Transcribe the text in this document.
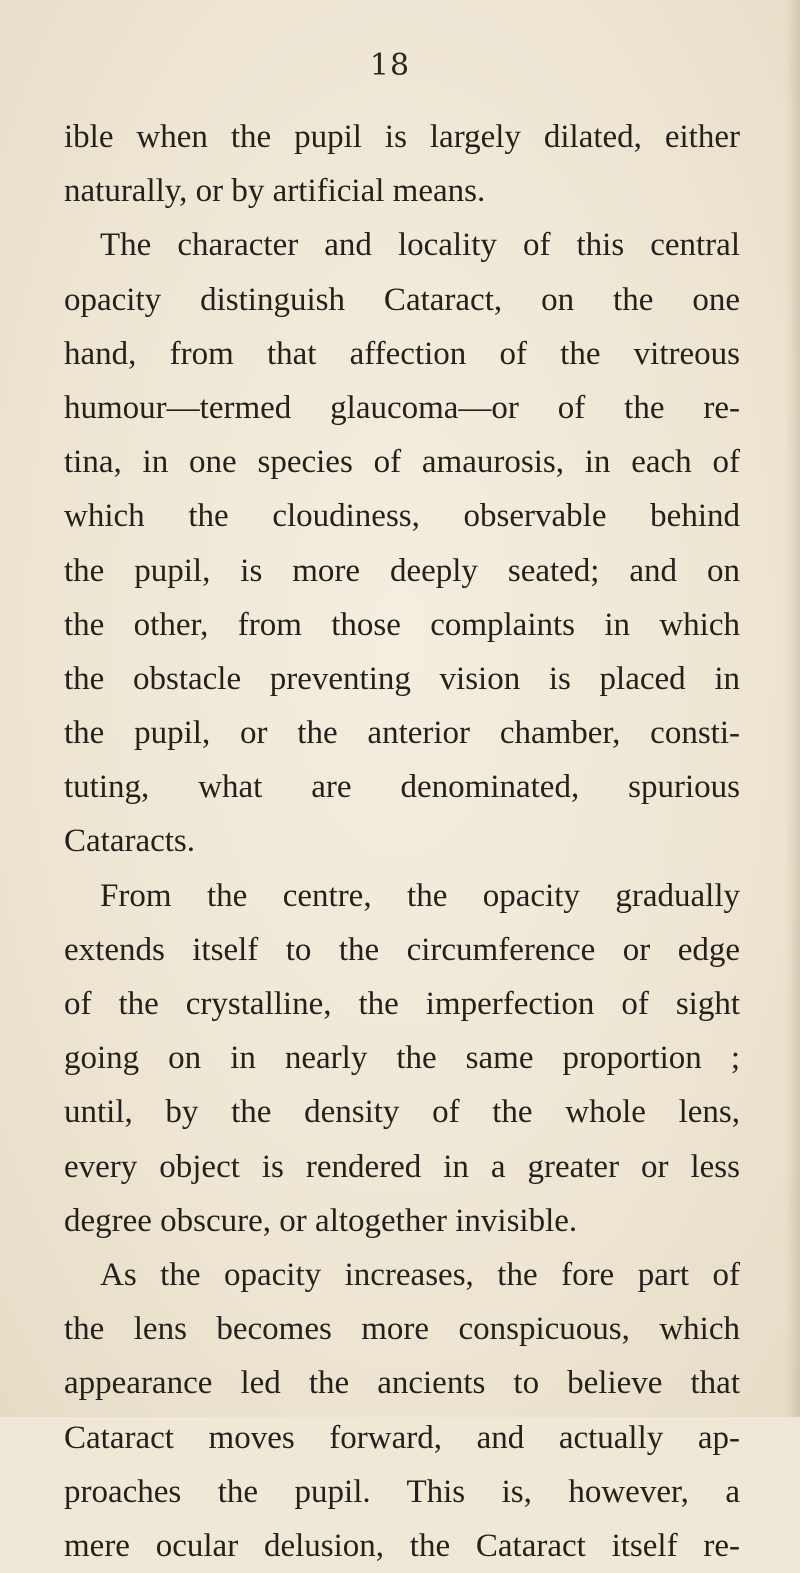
18
ible when the pupil is largely dilated, either
naturally, or by artificial means.
The character and locality of this central
opacity distinguish Cataract, on the one
hand, from that affection of the vitreous
humour—termed glaucoma—or of the re-
tina, in one species of amaurosis, in each of
which the cloudiness, observable behind
the pupil, is more deeply seated; and on
the other, from those complaints in which
the obstacle preventing vision is placed in
the pupil, or the anterior chamber, consti-
tuting, what are denominated, spurious
Cataracts.
From the centre, the opacity gradually
extends itself to the circumference or edge
of the crystalline, the imperfection of sight
going on in nearly the same proportion ;
until, by the density of the whole lens,
every object is rendered in a greater or less
degree obscure, or altogether invisible.
As the opacity increases, the fore part of
the lens becomes more conspicuous, which
appearance led the ancients to believe that
Cataract moves forward, and actually ap-
proaches the pupil. This is, however, a
mere ocular delusion, the Cataract itself re-
